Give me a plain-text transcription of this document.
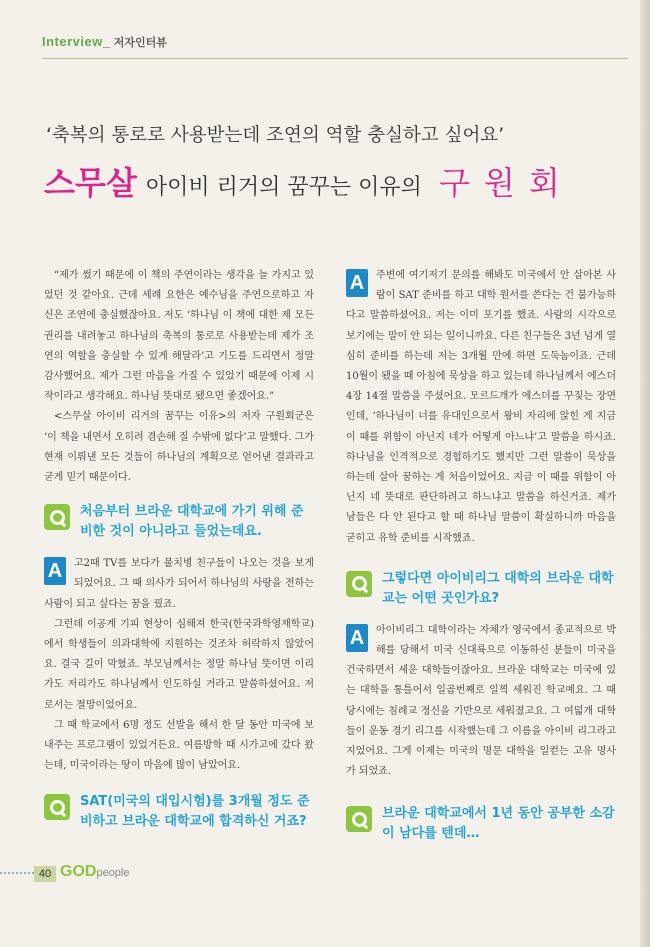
Interview_ 저자인터뷰
‘축복의 통로로 사용받는데 조연의 역할 충실하고 싶어요’
스무살 아이비 리거의 꿈꾸는 이유의 구원회

“제가 썼기 때문에 이 책의 주연이라는 생각을 늘 가지고 있었던 것 같아요. 근데 세례 요한은 예수님을 주연으로하고 자신은 조연에 충실했잖아요. 저도 ‘하나님 이 책에 대한 제 모든 권리를 내려놓고 하나님의 축복의 통로로 사용받는데 제가 조연의 역할을 충실할 수 있게 해달라’고 기도를 드리면서 정말 감사했어요. 제가 그런 마음을 가질 수 있었기 때문에 이제 시작이라고 생각해요. 하나님 뜻대로 됐으면 좋겠어요.”

<스무살 아이비 리거의 꿈꾸는 이유>의 저자 구원회군은 ‘이 책을 내면서 오히려 겸손해 질 수밖에 없다’고 말했다. 그가 현재 이뤄낸 모든 것들이 하나님의 계획으로 얻어낸 결과라고 굳게 믿기 때문이다.

처음부터 브라운 대학교에 가기 위해 준비한 것이 아니라고 들었는데요.
A	고2때 TV를 보다가 불치병 친구들이 나오는 것을 보게 되었어요. 그 때 의사가 되어서 하나님의 사랑을 전하는 사람이 되고 싶다는 꿈을 꿨죠.

그런데 이공계 기피 현상이 심해져 한국(한국과학영재학교)에서 학생들이 의과대학에 지원하는 것조차 허락하지 않았어요. 결국 길이 막혔죠. 부모님께서는 정말 하나님 뜻이면 이리가도 저리가도 하나님께서 인도하실 거라고 말씀하셨어요. 저로서는 절망이었어요.

그 때 학교에서 6명 정도 선발을 해서 한 달 동안 미국에 보내주는 프로그램이 있었거든요. 여름방학 때 시가고에 갔다 왔는데, 미국이라는 땅이 마음에 많이 남았어요.

SAT(미국의 대입시험)를 3개월 정도 준비하고 브라운 대학교에 합격하신 거죠?
A	주변에 여기저기 문의를 해봐도 미국에서 안 살아본 사람이 SAT 준비를 하고 대학 원서를 쓴다는 건 불가능하다고 말씀하셨어요. 저는 이미 포기를 했죠. 사람의 시각으로 보기에는 말이 안 되는 일이니까요. 다른 친구들은 3년 넘게 열심히 준비를 하는데 저는 3개월 만에 하면 도둑놈이죠. 근데 10월이 됐을 때 아침에 묵상을 하고 있는데 하나님께서 에스더 4장 14절 말씀을 주셨어요. 모르드개가 에스더를 꾸짖는 장면인데, ‘하나님이 너를 유대인으로서 왕비 자리에 앉힌 게 지금 이 때를 위함이 아닌지 네가 어떻게 아느냐’고 말씀을 하시죠. 하나님을 인격적으로 경험하기도 했지만 그런 말씀이 묵상을 하는데 살아 꿈하는 게 처음이었어요. 지금 이 때를 위함이 아닌지 네 뜻대로 판단하려고 하느냐고 말씀을 하신거죠. 제가 남들은 다 안 된다고 할 때 하나님 말씀이 확실하니까 마음을 굳히고 유학 준비를 시작했죠.

그렇다면 아이비리그 대학의 브라운 대학교는 어떤 곳인가요?
A	아이비리그 대학이라는 자체가 영국에서 종교적으로 박해를 당해서 미국 신대륙으로 이동하신 분들이 미국을 건국하면서 세운 대학들이잖아요. 브라운 대학교는 미국에 있는 대학을 통틀어서 일곱번째로 일찍 세워진 학교예요. 그 때 당시에는 침례교 정신을 기반으로 세워졌고요. 그 여덟개 대학들이 운동 경기 리그를 시작했는데 그 이름을 아이비 리그라고 지었어요. 그게 이제는 미국의 명문 대학을 일컫는 고유 명사가 되었죠.

브라운 대학교에서 1년 동안 공부한 소감이 남다를 텐데…
40 GODpeople
